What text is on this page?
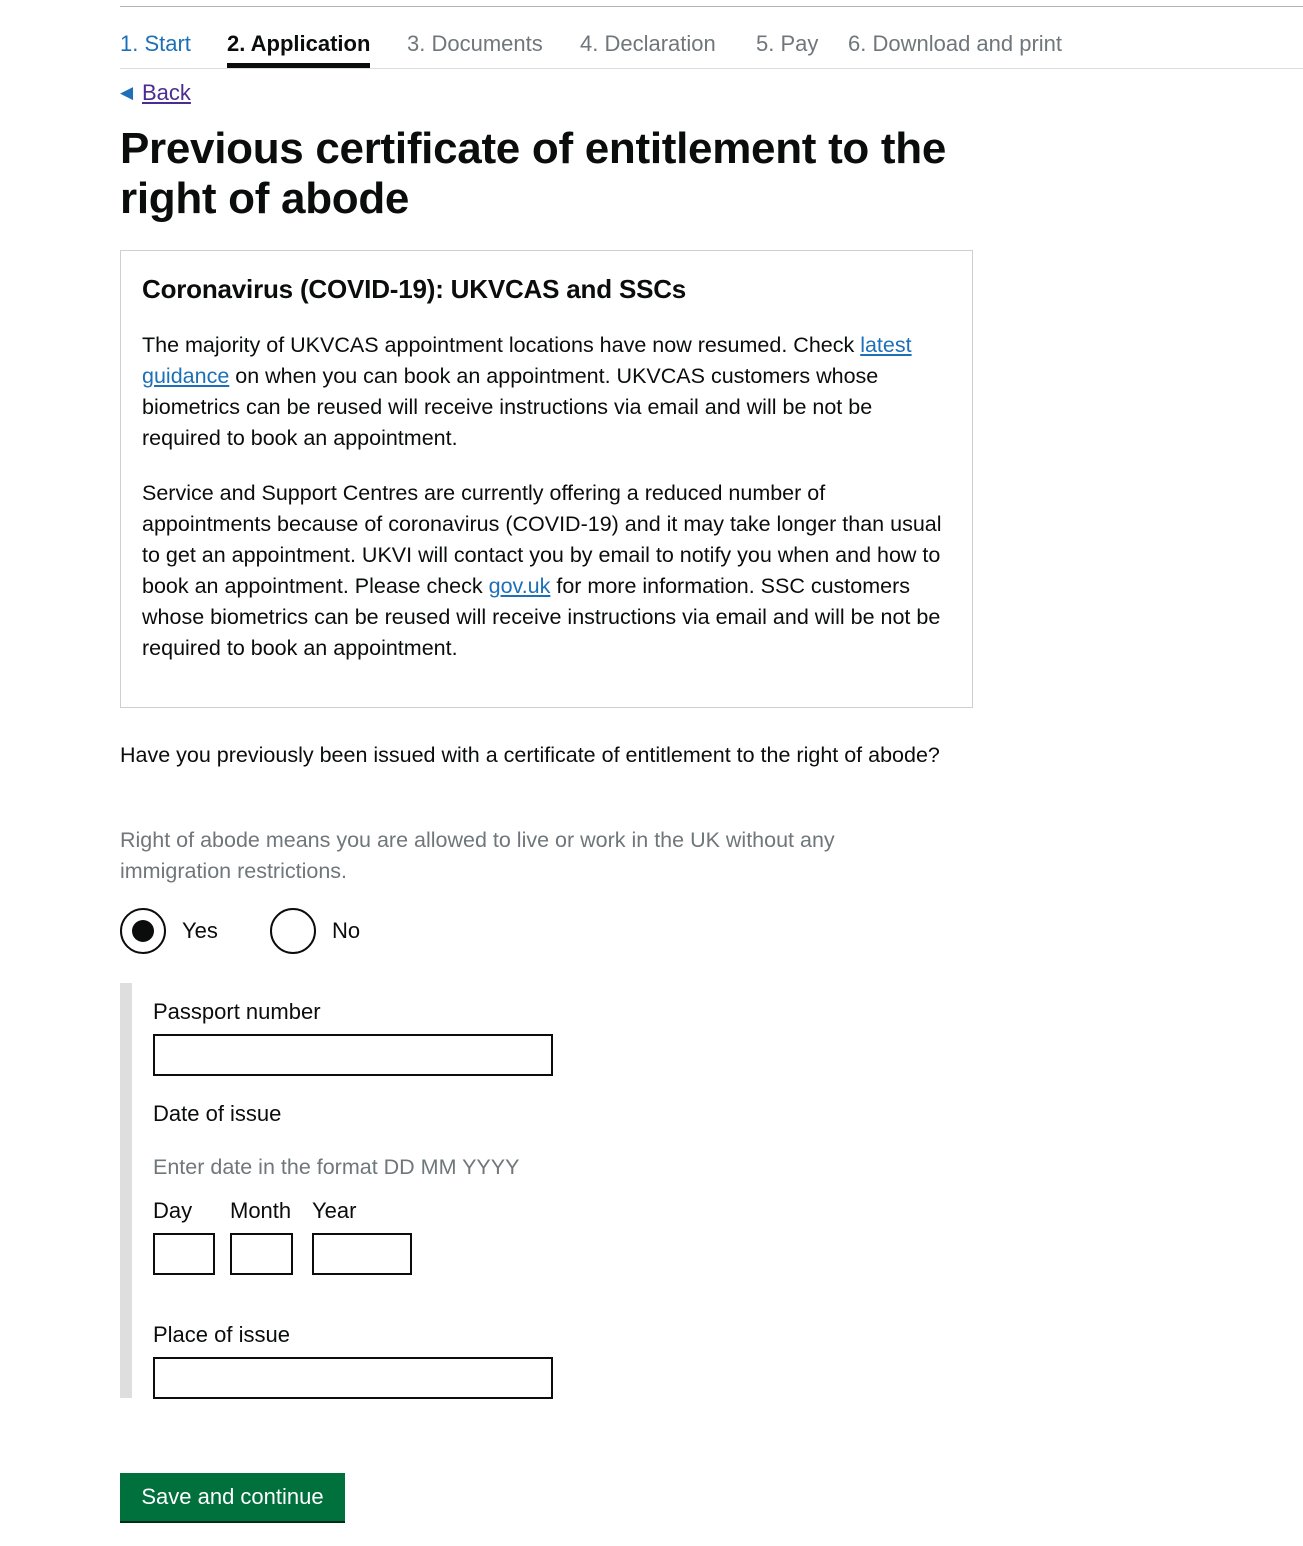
1. Start 2. Application 3. Documents 4. Declaration 5. Pay 6. Download and print
◀ Back
Previous certificate of entitlement to the right of abode
Coronavirus (COVID-19): UKVCAS and SSCs

The majority of UKVCAS appointment locations have now resumed. Check latest guidance on when you can book an appointment. UKVCAS customers whose biometrics can be reused will receive instructions via email and will be not be required to book an appointment.

Service and Support Centres are currently offering a reduced number of appointments because of coronavirus (COVID-19) and it may take longer than usual to get an appointment. UKVI will contact you by email to notify you when and how to book an appointment. Please check gov.uk for more information. SSC customers whose biometrics can be reused will receive instructions via email and will be not be required to book an appointment.

Have you previously been issued with a certificate of entitlement to the right of abode?
Right of abode means you are allowed to live or work in the UK without any immigration restrictions.
Yes	No
Passport number
Date of issue
Enter date in the format DD MM YYYY
Day Month Year
Place of issue
Save and continue
